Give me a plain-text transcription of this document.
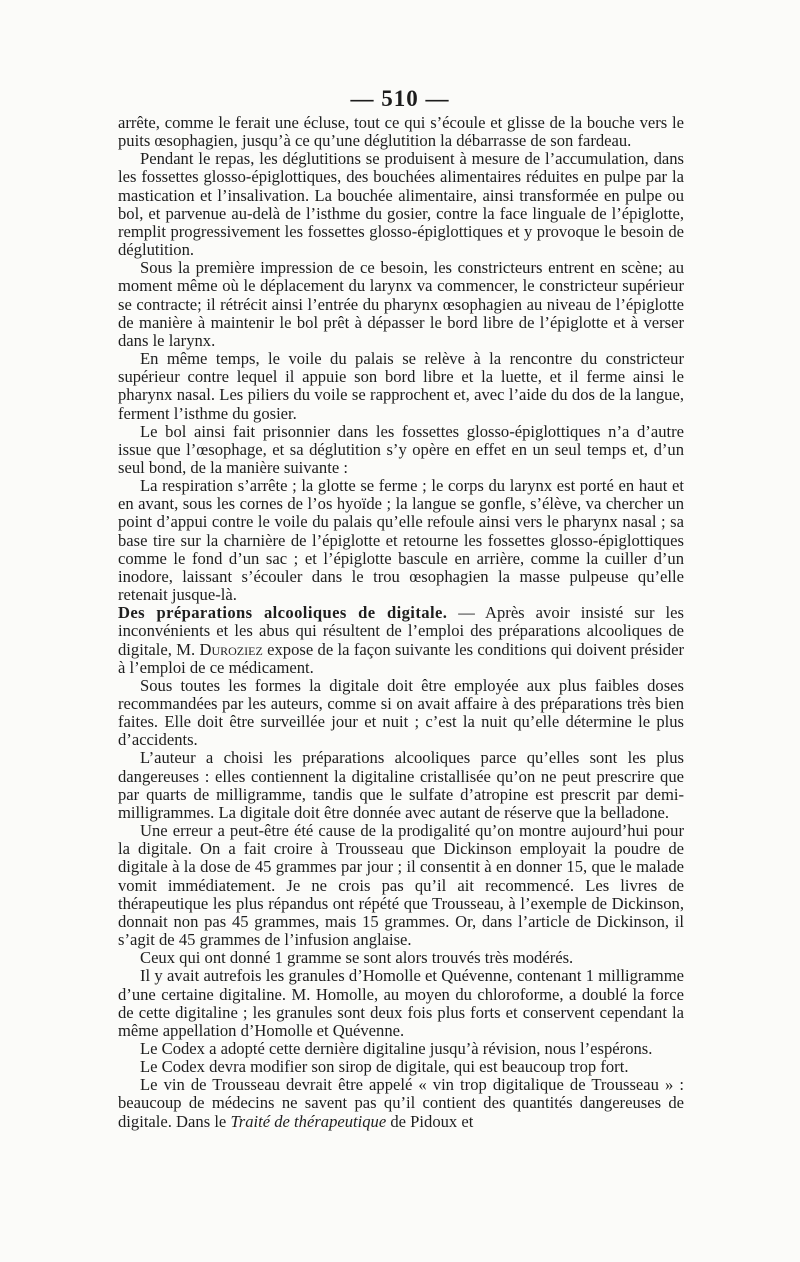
— 510 —

arrête, comme le ferait une écluse, tout ce qui s’écoule et glisse de la bouche vers le puits œsophagien, jusqu’à ce qu’une déglutition la débarrasse de son fardeau.

Pendant le repas, les déglutitions se produisent à mesure de l’accumulation, dans les fossettes glosso-épiglottiques, des bouchées alimentaires réduites en pulpe par la mastication et l’insalivation. La bouchée alimentaire, ainsi transformée en pulpe ou bol, et parvenue au-delà de l’isthme du gosier, contre la face linguale de l’épiglotte, remplit progressivement les fossettes glosso-épiglottiques et y provoque le besoin de déglutition.

Sous la première impression de ce besoin, les constricteurs entrent en scène; au moment même où le déplacement du larynx va commencer, le constricteur supérieur se contracte; il rétrécit ainsi l’entrée du pharynx œsophagien au niveau de l’épiglotte de manière à maintenir le bol prêt à dépasser le bord libre de l’épiglotte et à verser dans le larynx.

En même temps, le voile du palais se relève à la rencontre du constricteur supérieur contre lequel il appuie son bord libre et la luette, et il ferme ainsi le pharynx nasal. Les piliers du voile se rapprochent et, avec l’aide du dos de la langue, ferment l’isthme du gosier.

Le bol ainsi fait prisonnier dans les fossettes glosso-épiglottiques n’a d’autre issue que l’œsophage, et sa déglutition s’y opère en effet en un seul temps et, d’un seul bond, de la manière suivante :

La respiration s’arrête ; la glotte se ferme ; le corps du larynx est porté en haut et en avant, sous les cornes de l’os hyoïde ; la langue se gonfle, s’élève, va chercher un point d’appui contre le voile du palais qu’elle refoule ainsi vers le pharynx nasal ; sa base tire sur la charnière de l’épiglotte et retourne les fossettes glosso-épiglottiques comme le fond d’un sac ; et l’épiglotte bascule en arrière, comme la cuiller d’un inodore, laissant s’écouler dans le trou œsophagien la masse pulpeuse qu’elle retenait jusque-là.

Des préparations alcooliques de digitale. — Après avoir insisté sur les inconvénients et les abus qui résultent de l’emploi des préparations alcooliques de digitale, M. Duroziez expose de la façon suivante les conditions qui doivent présider à l’emploi de ce médicament.

Sous toutes les formes la digitale doit être employée aux plus faibles doses recommandées par les auteurs, comme si on avait affaire à des préparations très bien faites. Elle doit être surveillée jour et nuit ; c’est la nuit qu’elle détermine le plus d’accidents.

L’auteur a choisi les préparations alcooliques parce qu’elles sont les plus dangereuses : elles contiennent la digitaline cristallisée qu’on ne peut prescrire que par quarts de milligramme, tandis que le sulfate d’atropine est prescrit par demi-milligrammes. La digitale doit être donnée avec autant de réserve que la belladone.

Une erreur a peut-être été cause de la prodigalité qu’on montre aujourd’hui pour la digitale. On a fait croire à Trousseau que Dickinson employait la poudre de digitale à la dose de 45 grammes par jour ; il consentit à en donner 15, que le malade vomit immédiatement. Je ne crois pas qu’il ait recommencé. Les livres de thérapeutique les plus répandus ont répété que Trousseau, à l’exemple de Dickinson, donnait non pas 45 grammes, mais 15 grammes. Or, dans l’article de Dickinson, il s’agit de 45 grammes de l’infusion anglaise.

Ceux qui ont donné 1 gramme se sont alors trouvés très modérés.

Il y avait autrefois les granules d’Homolle et Quévenne, contenant 1 milligramme d’une certaine digitaline. M. Homolle, au moyen du chloroforme, a doublé la force de cette digitaline ; les granules sont deux fois plus forts et conservent cependant la même appellation d’Homolle et Quévenne.

Le Codex a adopté cette dernière digitaline jusqu’à révision, nous l’espérons.

Le Codex devra modifier son sirop de digitale, qui est beaucoup trop fort.

Le vin de Trousseau devrait être appelé « vin trop digitalique de Trousseau » : beaucoup de médecins ne savent pas qu’il contient des quantités dangereuses de digitale. Dans le Traité de thérapeutique de Pidoux et
